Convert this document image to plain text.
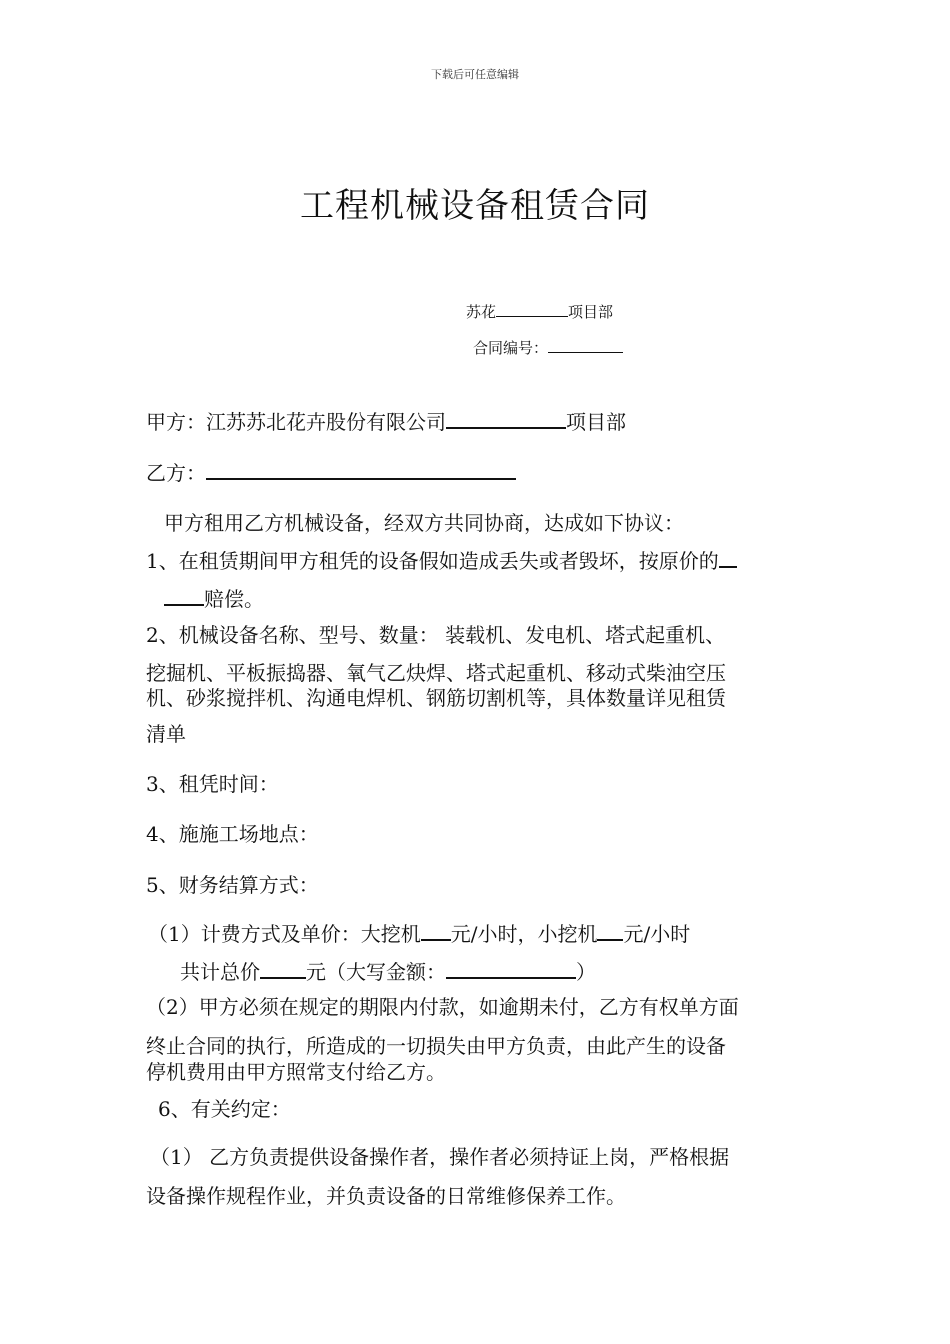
下载后可任意编辑
工程机械设备租赁合同
苏花	项目部
合同编号：
甲方：江苏苏北花卉股份有限公司	项目部
乙方：
甲方租用乙方机械设备，经双方共同协商，达成如下协议：
1、在租赁期间甲方租凭的设备假如造成丢失或者毁坏，按原价的
赔偿。
2、机械设备名称、型号、数量： 装载机、发电机、塔式起重机、
挖掘机、平板振捣器、氧气乙炔焊、塔式起重机、移动式柴油空压
机、砂浆搅拌机、沟通电焊机、钢筋切割机等，具体数量详见租赁
清单
3、租凭时间：
4、施施工场地点：
5、财务结算方式：
（1）计费方式及单价：大挖机 元/小时，小挖机 元/小时
共计总价 元（大写金额：	）
（2）甲方必须在规定的期限内付款，如逾期未付，乙方有权单方面
终止合同的执行，所造成的一切损失由甲方负责，由此产生的设备
停机费用由甲方照常支付给乙方。
6、有关约定：
（1） 乙方负责提供设备操作者，操作者必须持证上岗，严格根据
设备操作规程作业，并负责设备的日常维修保养工作。
